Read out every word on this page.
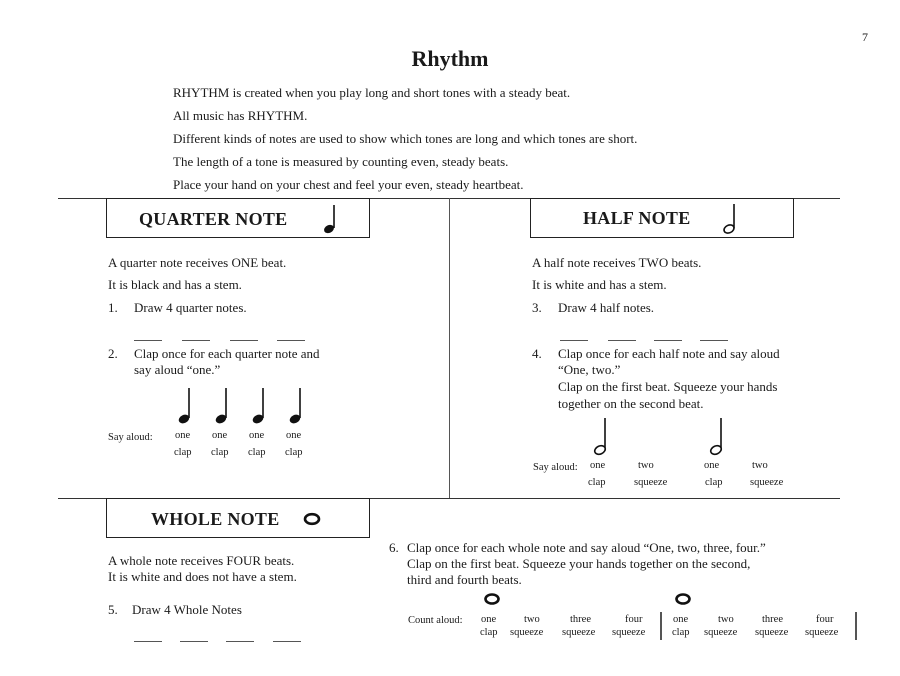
7
Rhythm
RHYTHM is created when you play long and short tones with a steady beat.
All music has RHYTHM.
Different kinds of notes are used to show which tones are long and which tones are short.
The length of a tone is measured by counting even, steady beats.
Place your hand on your chest and feel your even, steady heartbeat.
QUARTER NOTE
A quarter note receives ONE beat.
It is black and has a stem.
1. Draw 4 quarter notes.
2. Clap once for each quarter note and
say aloud “one.”
Say aloud: one
clap
one
clap
one
clap
one
clap
HALF NOTE
A half note receives TWO beats.
It is white and has a stem.
3. Draw 4 half notes.
4. Clap once for each half note and say aloud
“One, two.”
Clap on the first beat. Squeeze your hands
together on the second beat.
Say aloud: one
clap
two
squeeze
one
clap
two
squeeze
WHOLE NOTE
A whole note receives FOUR beats.
It is white and does not have a stem.
5. Draw 4 Whole Notes
6. Clap once for each whole note and say aloud “One, two, three, four.”
Clap on the first beat. Squeeze your hands together on the second,
third and fourth beats.
Count aloud: one
clap
two
squeeze
three
squeeze
four
squeeze
one
clap
two
squeeze
three
squeeze
four
squeeze
